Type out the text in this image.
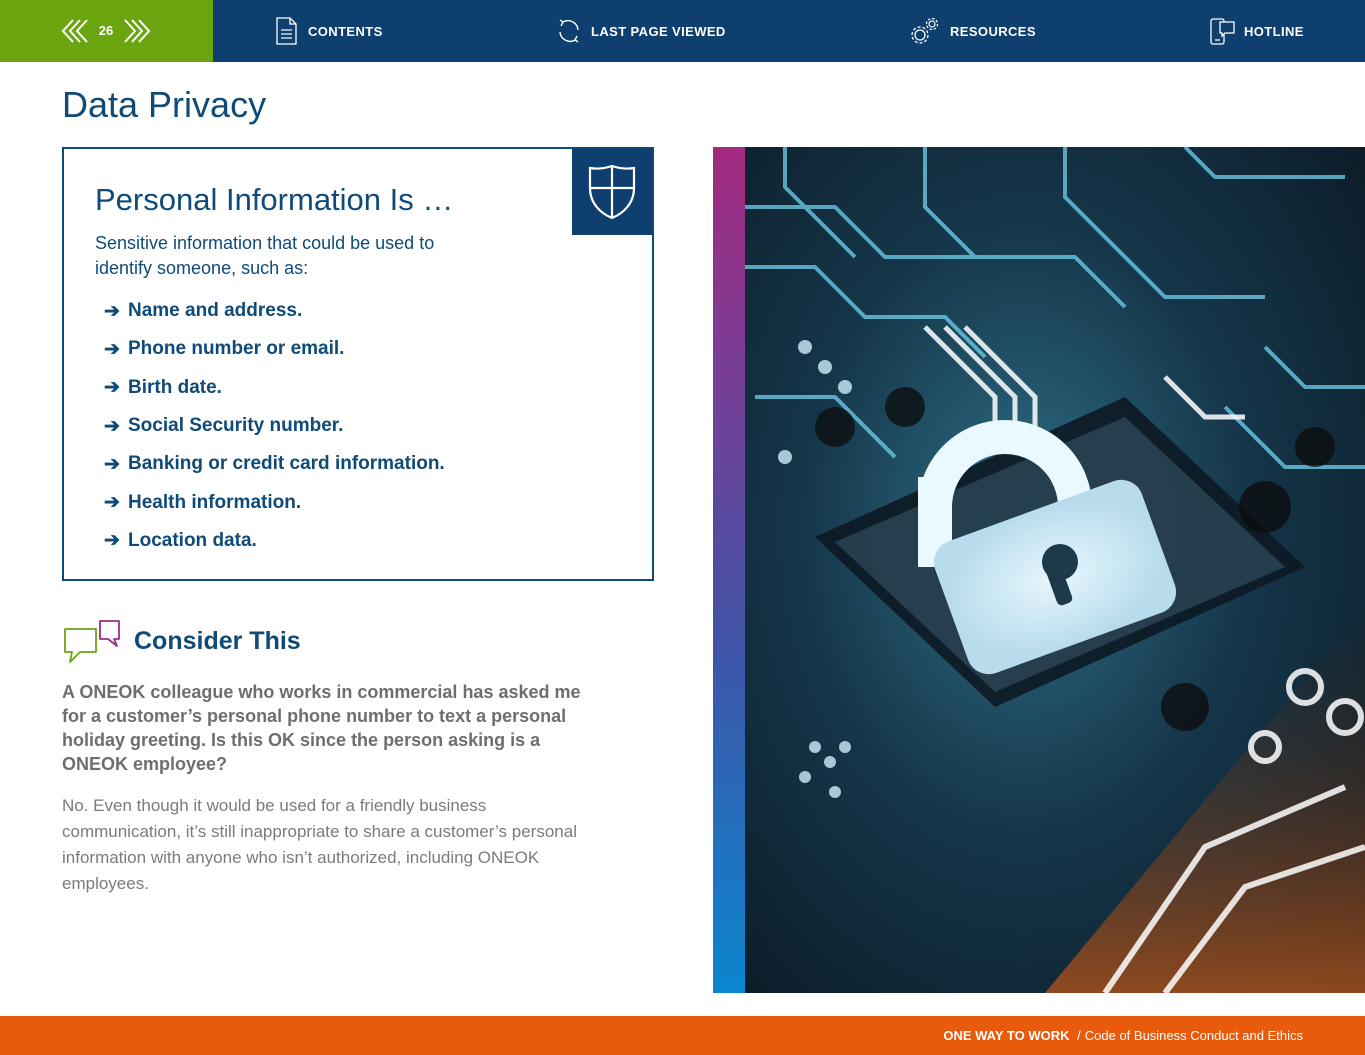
26	CONTENTS	LAST PAGE VIEWED	RESOURCES	HOTLINE
Data Privacy
Personal Information Is …

Sensitive information that could be used to identify someone, such as:

➔ Name and address.
➔ Phone number or email.
➔ Birth date.
➔ Social Security number.
➔ Banking or credit card information.
➔ Health information.
➔ Location data.
Consider This

A ONEOK colleague who works in commercial has asked me for a customer’s personal phone number to text a personal holiday greeting. Is this OK since the person asking is a ONEOK employee?

No. Even though it would be used for a friendly business communication, it’s still inappropriate to share a customer’s personal information with anyone who isn’t authorized, including ONEOK employees.

ONE WAY TO WORK / Code of Business Conduct and Ethics
